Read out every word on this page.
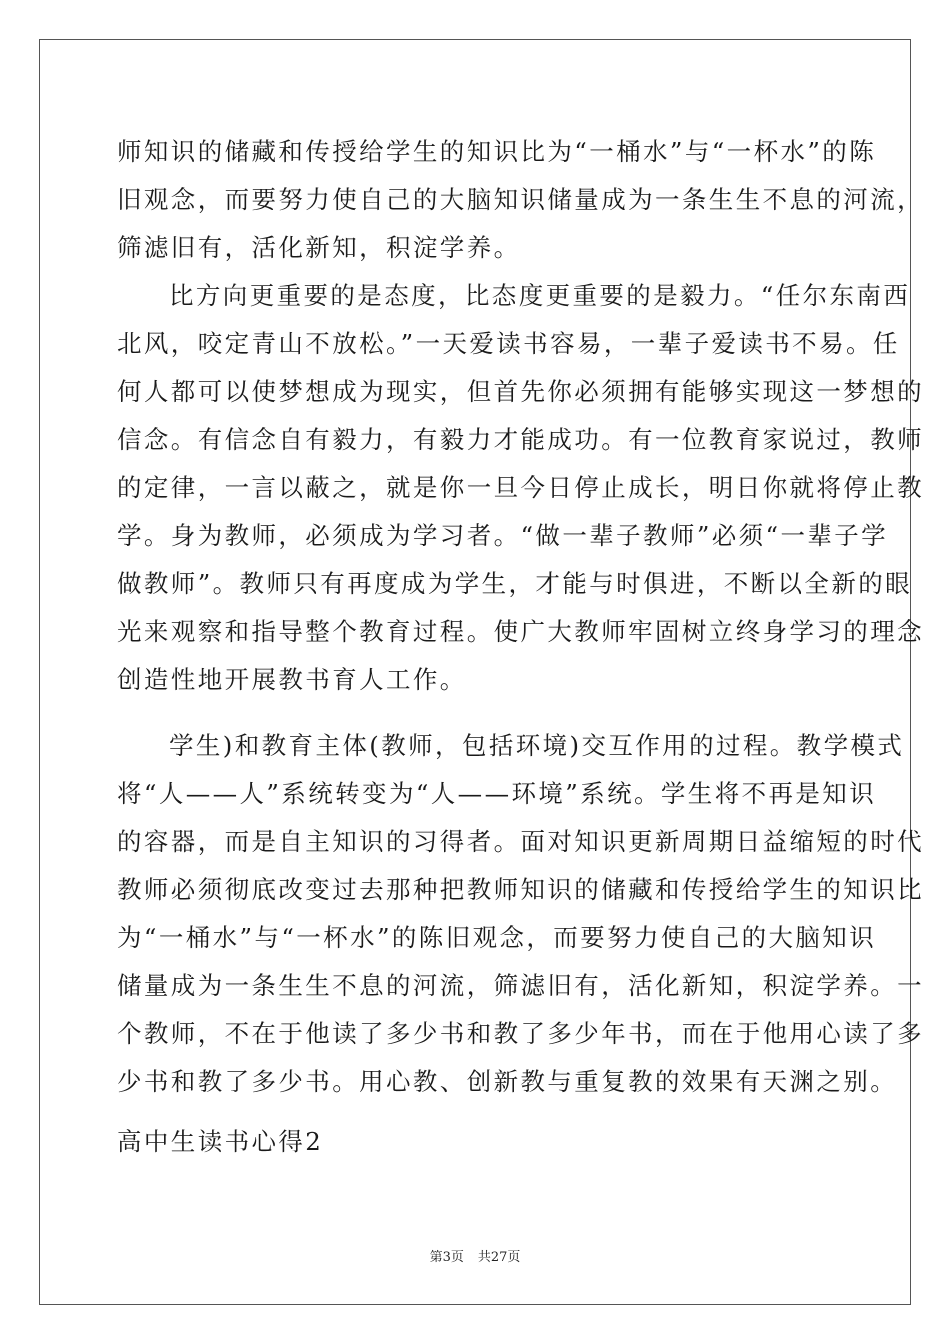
师知识的储藏和传授给学生的知识比为“一桶水”与“一杯水”的陈
旧观念，而要努力使自己的大脑知识储量成为一条生生不息的河流，
筛滤旧有，活化新知，积淀学养。
比方向更重要的是态度，比态度更重要的是毅力。“任尔东南西
北风，咬定青山不放松。”一天爱读书容易，一辈子爱读书不易。任
何人都可以使梦想成为现实，但首先你必须拥有能够实现这一梦想的
信念。有信念自有毅力，有毅力才能成功。有一位教育家说过，教师
的定律，一言以蔽之，就是你一旦今日停止成长，明日你就将停止教
学。身为教师，必须成为学习者。“做一辈子教师”必须“一辈子学
做教师”。教师只有再度成为学生，才能与时俱进，不断以全新的眼
光来观察和指导整个教育过程。使广大教师牢固树立终身学习的理念
创造性地开展教书育人工作。
学生)和教育主体(教师，包括环境)交互作用的过程。教学模式
将“人——人”系统转变为“人——环境”系统。学生将不再是知识
的容器，而是自主知识的习得者。面对知识更新周期日益缩短的时代
教师必须彻底改变过去那种把教师知识的储藏和传授给学生的知识比
为“一桶水”与“一杯水”的陈旧观念，而要努力使自己的大脑知识
储量成为一条生生不息的河流，筛滤旧有，活化新知，积淀学养。一
个教师，不在于他读了多少书和教了多少年书，而在于他用心读了多
少书和教了多少书。用心教、创新教与重复教的效果有天渊之别。
高中生读书心得2
第3页 共27页
